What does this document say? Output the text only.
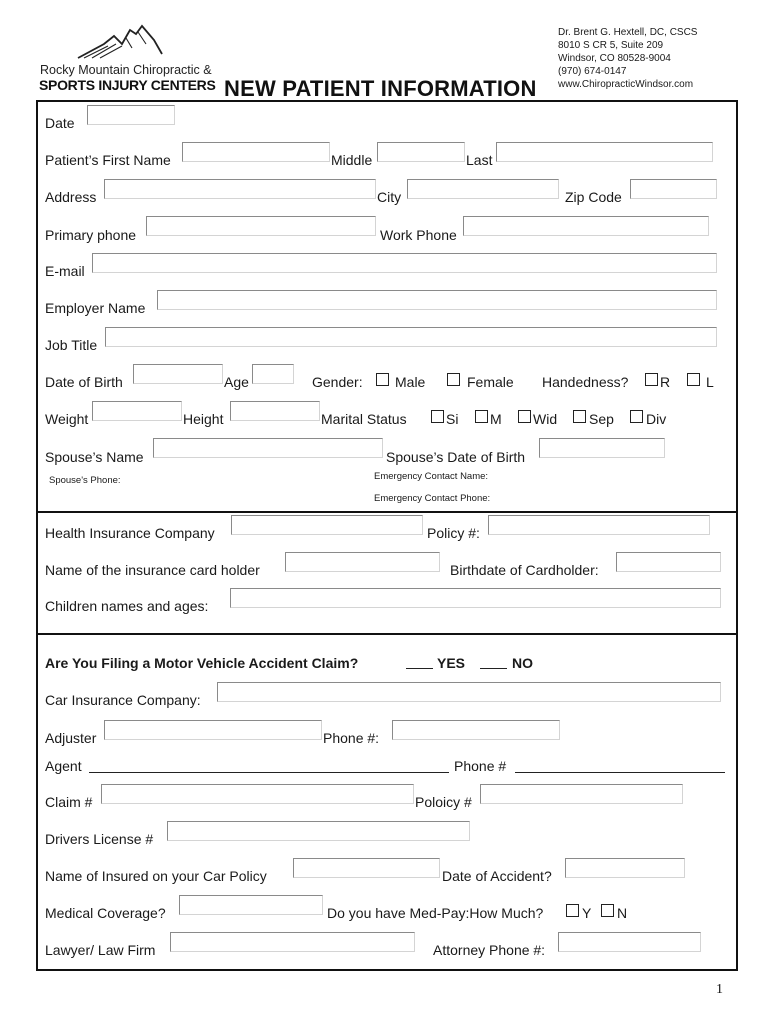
Rocky Mountain Chiropractic &
SPORTS INJURY CENTERS NEW PATIENT INFORMATION
Dr. Brent G. Hextell, DC, CSCS
8010 S CR 5, Suite 209
Windsor, CO 80528-9004
(970) 674-0147
www.ChiropracticWindsor.com
Date
Patient’s First Name	Middle	Last
Address	City	Zip Code
Primary phone	Work Phone
E-mail
Employer Name
Job Title
Date of Birth	Age	Gender: Male	Female Handedness? R	L
Weight	Height	Marital Status	Si M Wid Sep Div
Spouse’s Name	Spouse’s Date of Birth
Spouse's Phone:	Emergency Contact Name:
Emergency Contact Phone:
Health Insurance Company	Policy #:
Name of the insurance card holder	Birthdate of Cardholder:
Children names and ages:
Are You Filing a Motor Vehicle Accident Claim?	YES	NO
Car Insurance Company:
Adjuster	Phone #:
Agent	Phone #
Claim #	Poloicy #
Drivers License #
Name of Insured on your Car Policy	Date of Accident?
Medical Coverage?	Do you have Med-Pay:How Much?	Y N
Lawyer/ Law Firm	Attorney Phone #:
1
